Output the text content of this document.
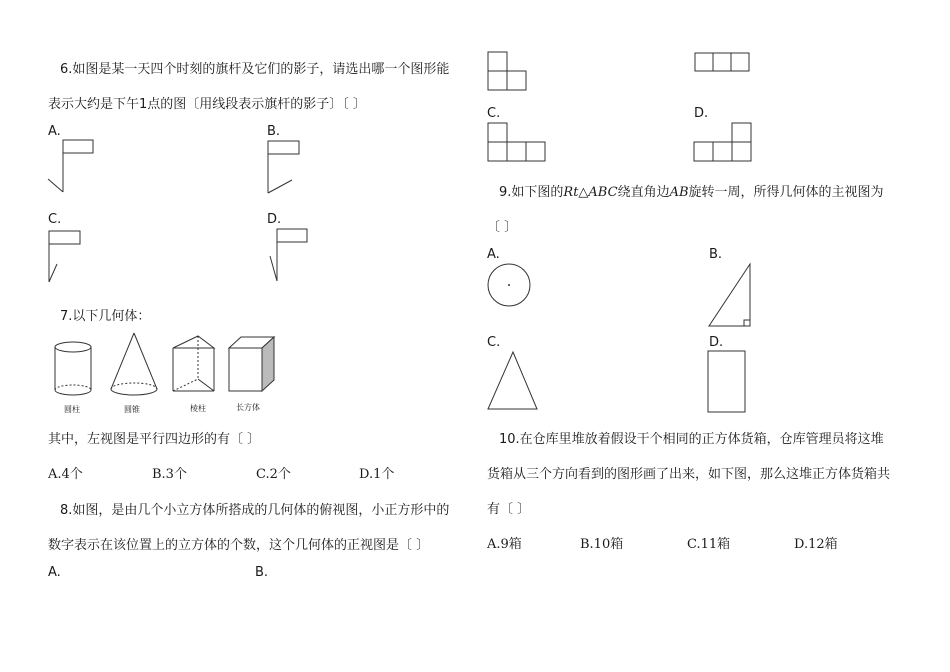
6.如图是某一天四个时刻的旗杆及它们的影子，请选出哪一个图形能
表示大约是下午1点的图〔用线段表示旗杆的影子〕〔 〕
A.	B.
C.	D.
7.以下几何体：
圆柱	圆锥	棱柱	长方体
其中，左视图是平行四边形的有〔 〕
A.4个	B.3个	C.2个	D.1个
8.如图，是由几个小立方体所搭成的几何体的俯视图，小正方形中的
数字表示在该位置上的立方体的个数，这个几何体的正视图是〔 〕
A.	B.
C.	D.
9.如下图的Rt△ABC绕直角边AB旋转一周，所得几何体的主视图为
〔 〕
A.	B.
C.	D.
10.在仓库里堆放着假设干个相同的正方体货箱，仓库管理员将这堆
货箱从三个方向看到的图形画了出来，如下图，那么这堆正方体货箱共
有〔 〕
A.9箱	B.10箱	C.11箱	D.12箱
